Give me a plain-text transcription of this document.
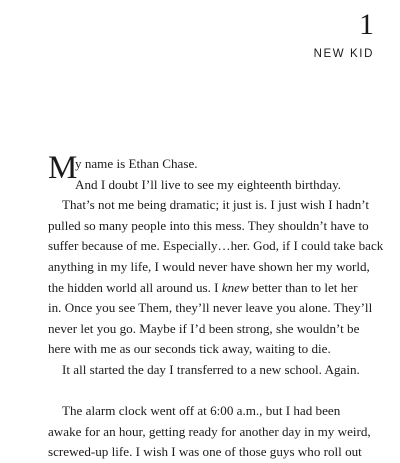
1
NEW KID
M
y name is Ethan Chase.
And I doubt I’ll live to see my eighteenth birthday.
That’s not me being dramatic; it just is. I just wish I hadn’t
pulled so many people into this mess. They shouldn’t have to
suffer because of me. Especially…her. God, if I could take back
anything in my life, I would never have shown her my world,
the hidden world all around us. I knew better than to let her
in. Once you see Them, they’ll never leave you alone. They’ll
never let you go. Maybe if I’d been strong, she wouldn’t be
here with me as our seconds tick away, waiting to die.
It all started the day I transferred to a new school. Again.
The alarm clock went off at 6:00 a.m., but I had been
awake for an hour, getting ready for another day in my weird,
screwed-up life. I wish I was one of those guys who roll out
